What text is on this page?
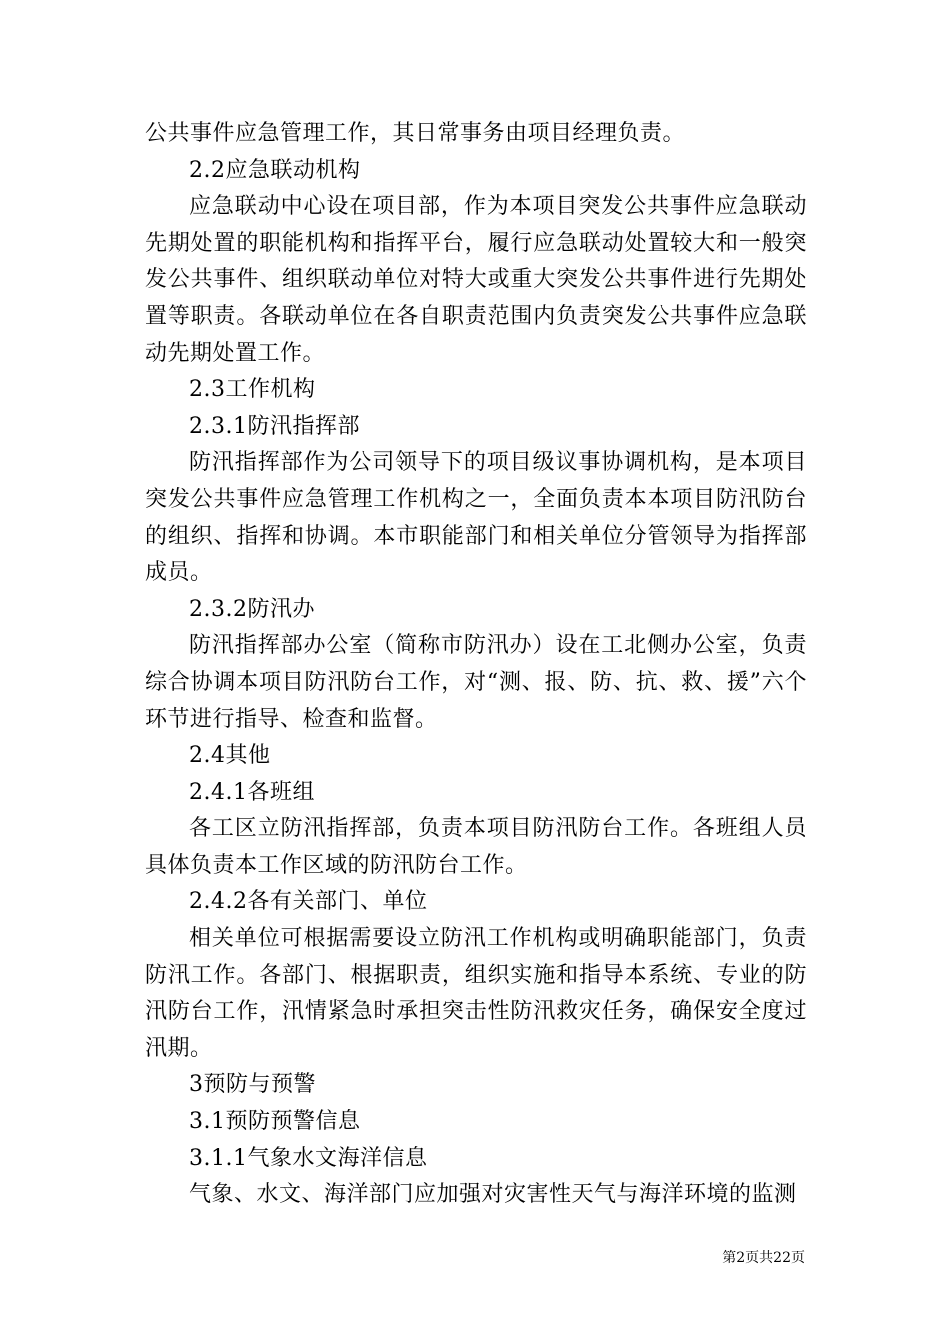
公共事件应急管理工作，其日常事务由项目经理负责。

2.2应急联动机构

应急联动中心设在项目部，作为本项目突发公共事件应急联动先期处置的职能机构和指挥平台，履行应急联动处置较大和一般突发公共事件、组织联动单位对特大或重大突发公共事件进行先期处置等职责。各联动单位在各自职责范围内负责突发公共事件应急联动先期处置工作。

2.3工作机构

2.3.1防汛指挥部

防汛指挥部作为公司领导下的项目级议事协调机构，是本项目突发公共事件应急管理工作机构之一，全面负责本本项目防汛防台的组织、指挥和协调。本市职能部门和相关单位分管领导为指挥部成员。

2.3.2防汛办

防汛指挥部办公室（简称市防汛办）设在工北侧办公室，负责综合协调本项目防汛防台工作，对“测、报、防、抗、救、援”六个环节进行指导、检查和监督。

2.4其他

2.4.1各班组

各工区立防汛指挥部，负责本项目防汛防台工作。各班组人员具体负责本工作区域的防汛防台工作。

2.4.2各有关部门、单位

相关单位可根据需要设立防汛工作机构或明确职能部门，负责防汛工作。各部门、根据职责，组织实施和指导本系统、专业的防汛防台工作，汛情紧急时承担突击性防汛救灾任务，确保安全度过汛期。

3预防与预警

3.1预防预警信息

3.1.1气象水文海洋信息

气象、水文、海洋部门应加强对灾害性天气与海洋环境的监测

第2页共22页
